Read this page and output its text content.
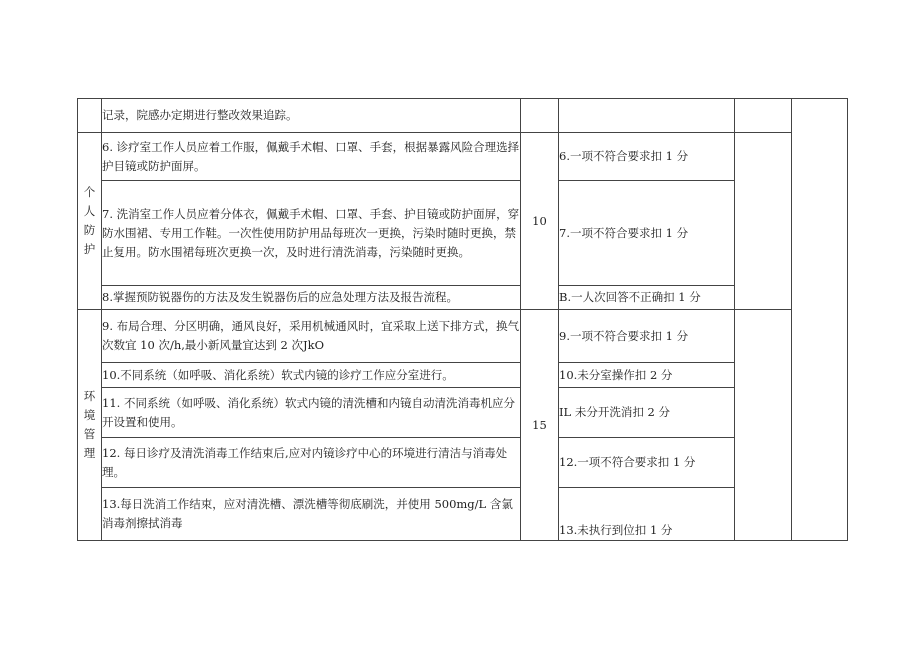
	记录，院感办定期进行整改效果追踪。				

个
人
防
护	6. 诊疗室工作人员应着工作服，佩戴手术帽、口罩、手套，根据暴露风险合理选择护目镜或防护面屏。	10	6.一项不符合要求扣 1 分		
	7. 洗消室工作人员应着分体衣，佩戴手术帽、口罩、手套、护目镜或防护面屏，穿防水围裙、专用工作鞋。一次性使用防护用品每班次一更换，污染时随时更换，禁止复用。防水围裙每班次更换一次，及时进行清洗消毒，污染随时更换。		7.一项不符合要求扣 1 分		
	8.掌握预防锐器伤的方法及发生锐器伤后的应急处理方法及报告流程。		B.一人次回答不正确扣 1 分		

环
境
管
理	9. 布局合理、分区明确，通风良好，采用机械通风时，宜采取上送下排方式，换气次数宜 10 次/h,最小新风量宜达到 2 次JkO	15	9.一项不符合要求扣 1 分		
	10.不同系统（如呼吸、消化系统）软式内镜的诊疗工作应分室进行。		10.未分室操作扣 2 分		
	11. 不同系统（如呼吸、消化系统）软式内镜的清洗槽和内镜自动清洗消毒机应分开设置和使用。		IL 未分开洗消扣 2 分		
	12. 每日诊疗及清洗消毒工作结束后,应对内镜诊疗中心的环境进行清洁与消毒处理。		12.一项不符合要求扣 1 分		
	13.每日洗消工作结束，应对清洗槽、漂洗槽等彻底刷洗，并使用 500mg/L 含氯消毒剂擦拭消毒		13.未执行到位扣 1 分		
